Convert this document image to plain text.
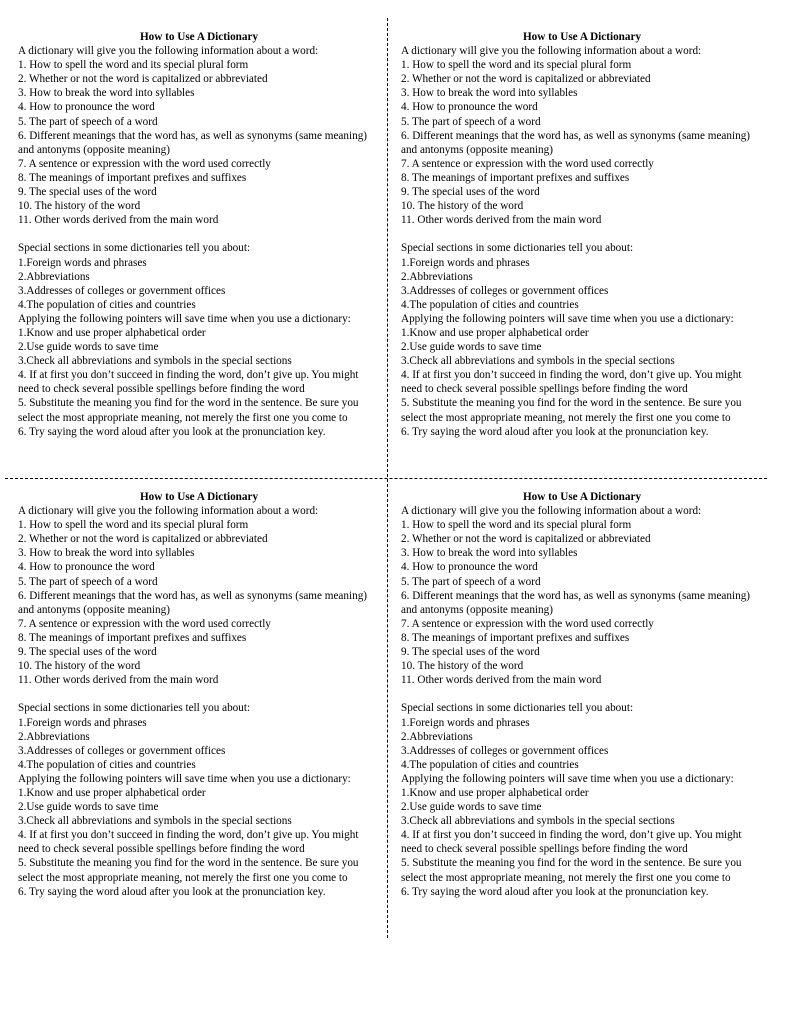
How to Use A Dictionary

A dictionary will give you the following information about a word:

1. How to spell the word and its special plural form
2. Whether or not the word is capitalized or abbreviated
3. How to break the word into syllables
4. How to pronounce the word
5. The part of speech of a word
6. Different meanings that the word has, as well as synonyms (same meaning) and antonyms (opposite meaning)
7. A sentence or expression with the word used correctly
8. The meanings of important prefixes and suffixes
9. The special uses of the word
10. The history of the word
11. Other words derived from the main word

Special sections in some dictionaries tell you about:

1.Foreign words and phrases
2.Abbreviations
3.Addresses of colleges or government offices
4.The population of cities and countries

Applying the following pointers will save time when you use a dictionary:

1.Know and use proper alphabetical order
2.Use guide words to save time
3.Check all abbreviations and symbols in the special sections
4. If at first you don’t succeed in finding the word, don’t give up. You might need to check several possible spellings before finding the word
5. Substitute the meaning you find for the word in the sentence. Be sure you select the most appropriate meaning, not merely the first one you come to
6. Try saying the word aloud after you look at the pronunciation key.

How to Use A Dictionary

A dictionary will give you the following information about a word:

1. How to spell the word and its special plural form
2. Whether or not the word is capitalized or abbreviated
3. How to break the word into syllables
4. How to pronounce the word
5. The part of speech of a word
6. Different meanings that the word has, as well as synonyms (same meaning) and antonyms (opposite meaning)
7. A sentence or expression with the word used correctly
8. The meanings of important prefixes and suffixes
9. The special uses of the word
10. The history of the word
11. Other words derived from the main word

Special sections in some dictionaries tell you about:

1.Foreign words and phrases
2.Abbreviations
3.Addresses of colleges or government offices
4.The population of cities and countries

Applying the following pointers will save time when you use a dictionary:

1.Know and use proper alphabetical order
2.Use guide words to save time
3.Check all abbreviations and symbols in the special sections
4. If at first you don’t succeed in finding the word, don’t give up. You might need to check several possible spellings before finding the word
5. Substitute the meaning you find for the word in the sentence. Be sure you select the most appropriate meaning, not merely the first one you come to
6. Try saying the word aloud after you look at the pronunciation key.

How to Use A Dictionary

A dictionary will give you the following information about a word:

1. How to spell the word and its special plural form
2. Whether or not the word is capitalized or abbreviated
3. How to break the word into syllables
4. How to pronounce the word
5. The part of speech of a word
6. Different meanings that the word has, as well as synonyms (same meaning) and antonyms (opposite meaning)
7. A sentence or expression with the word used correctly
8. The meanings of important prefixes and suffixes
9. The special uses of the word
10. The history of the word
11. Other words derived from the main word

Special sections in some dictionaries tell you about:

1.Foreign words and phrases
2.Abbreviations
3.Addresses of colleges or government offices
4.The population of cities and countries

Applying the following pointers will save time when you use a dictionary:

1.Know and use proper alphabetical order
2.Use guide words to save time
3.Check all abbreviations and symbols in the special sections
4. If at first you don’t succeed in finding the word, don’t give up. You might need to check several possible spellings before finding the word
5. Substitute the meaning you find for the word in the sentence. Be sure you select the most appropriate meaning, not merely the first one you come to
6. Try saying the word aloud after you look at the pronunciation key.

How to Use A Dictionary

A dictionary will give you the following information about a word:

1. How to spell the word and its special plural form
2. Whether or not the word is capitalized or abbreviated
3. How to break the word into syllables
4. How to pronounce the word
5. The part of speech of a word
6. Different meanings that the word has, as well as synonyms (same meaning) and antonyms (opposite meaning)
7. A sentence or expression with the word used correctly
8. The meanings of important prefixes and suffixes
9. The special uses of the word
10. The history of the word
11. Other words derived from the main word

Special sections in some dictionaries tell you about:

1.Foreign words and phrases
2.Abbreviations
3.Addresses of colleges or government offices
4.The population of cities and countries

Applying the following pointers will save time when you use a dictionary:

1.Know and use proper alphabetical order
2.Use guide words to save time
3.Check all abbreviations and symbols in the special sections
4. If at first you don’t succeed in finding the word, don’t give up. You might need to check several possible spellings before finding the word
5. Substitute the meaning you find for the word in the sentence. Be sure you select the most appropriate meaning, not merely the first one you come to
6. Try saying the word aloud after you look at the pronunciation key.
